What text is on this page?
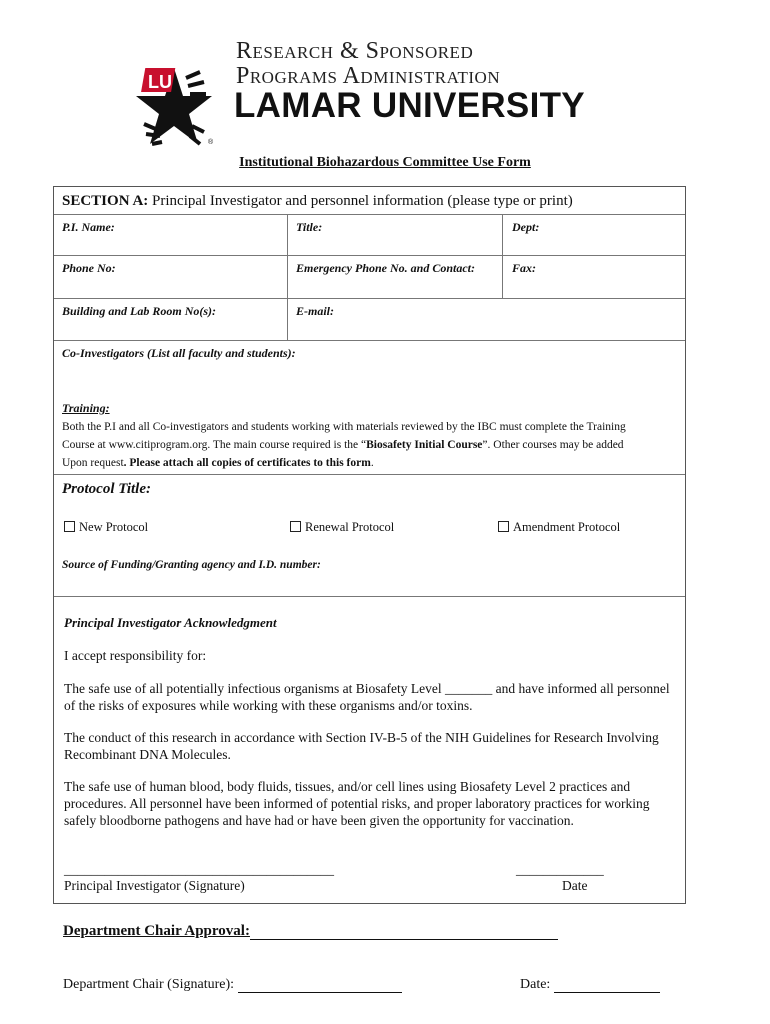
LU
®
Research & Sponsored
Programs Administration
LAMAR UNIVERSITY
Institutional Biohazardous Committee Use Form
SECTION A: Principal Investigator and personnel information (please type or print)
P.I. Name:	Title:	Dept:
Phone No:	Emergency Phone No. and Contact:	Fax:
Building and Lab Room No(s):	E-mail:
Co-Investigators (List all faculty and students):
Training:
Both the P.I and all Co-investigators and students working with materials reviewed by the IBC must complete the Training
Course at www.citiprogram.org. The main course required is the “Biosafety Initial Course”. Other courses may be added
Upon request. Please attach all copies of certificates to this form.
Protocol Title:
New Protocol	Renewal Protocol	Amendment Protocol
Source of Funding/Granting agency and I.D. number:
Principal Investigator Acknowledgment
I accept responsibility for:
The safe use of all potentially infectious organisms at Biosafety Level _______ and have informed all personnel of the risks of exposures while working with these organisms and/or toxins.
The conduct of this research in accordance with Section IV-B-5 of the NIH Guidelines for Research Involving Recombinant DNA Molecules.
The safe use of human blood, body fluids, tissues, and/or cell lines using Biosafety Level 2 practices and procedures. All personnel have been informed of potential risks, and proper laboratory practices for working safely bloodborne pathogens and have had or have been given the opportunity for vaccination.
________________________________________	_____________
Principal Investigator (Signature)	Date
Department Chair Approval:
Department Chair (Signature):	Date:
